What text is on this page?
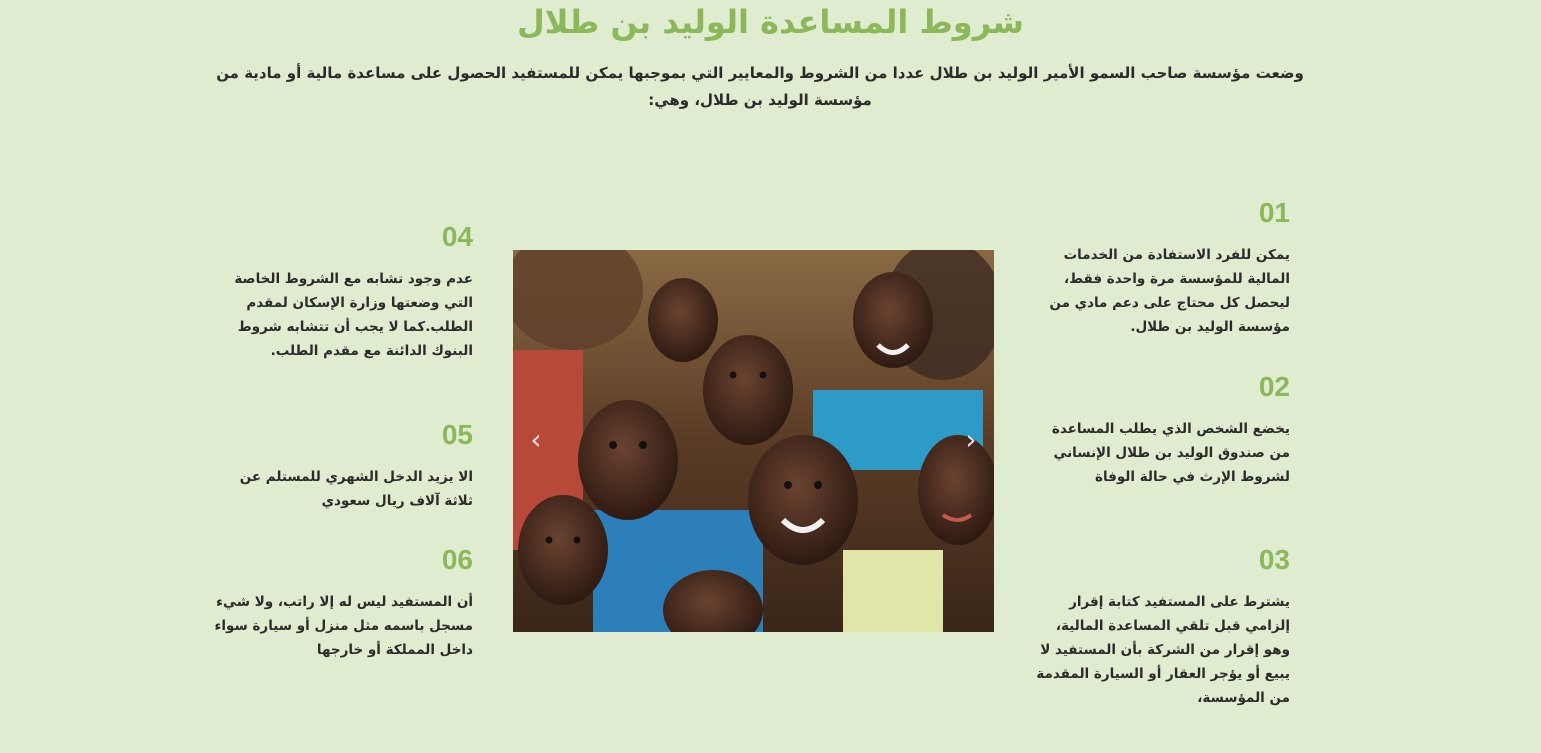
شروط المساعدة الوليد بن طلال

وضعت مؤسسة صاحب السمو الأمير الوليد بن طلال عددا من الشروط والمعايير التي بموجبها يمكن للمستفيد الحصول على مساعدة مالية أو مادية من مؤسسة الوليد بن طلال، وهي:

01
يمكن للفرد الاستفادة من الخدمات المالية للمؤسسة مرة واحدة فقط، ليحصل كل محتاج على دعم مادي من مؤسسة الوليد بن طلال.
02
يخضع الشخص الذي يطلب المساعدة من صندوق الوليد بن طلال الإنساني لشروط الإرث في حالة الوفاة
03
يشترط على المستفيد كتابة إقرار إلزامي قبل تلقي المساعدة المالية، وهو إقرار من الشركة بأن المستفيد لا يبيع أو يؤجر العقار أو السيارة المقدمة من المؤسسة،
04
عدم وجود تشابه مع الشروط الخاصة التي وضعتها وزارة الإسكان لمقدم الطلب.كما لا يجب أن تتشابه شروط البنوك الدائنة مع مقدم الطلب.
05
الا يزيد الدخل الشهري للمستلم عن ثلاثة آلاف ريال سعودي
06
أن المستفيد ليس له إلا راتب، ولا شيء مسجل باسمه مثل منزل أو سيارة سواء داخل المملكة أو خارجها
‹	›
